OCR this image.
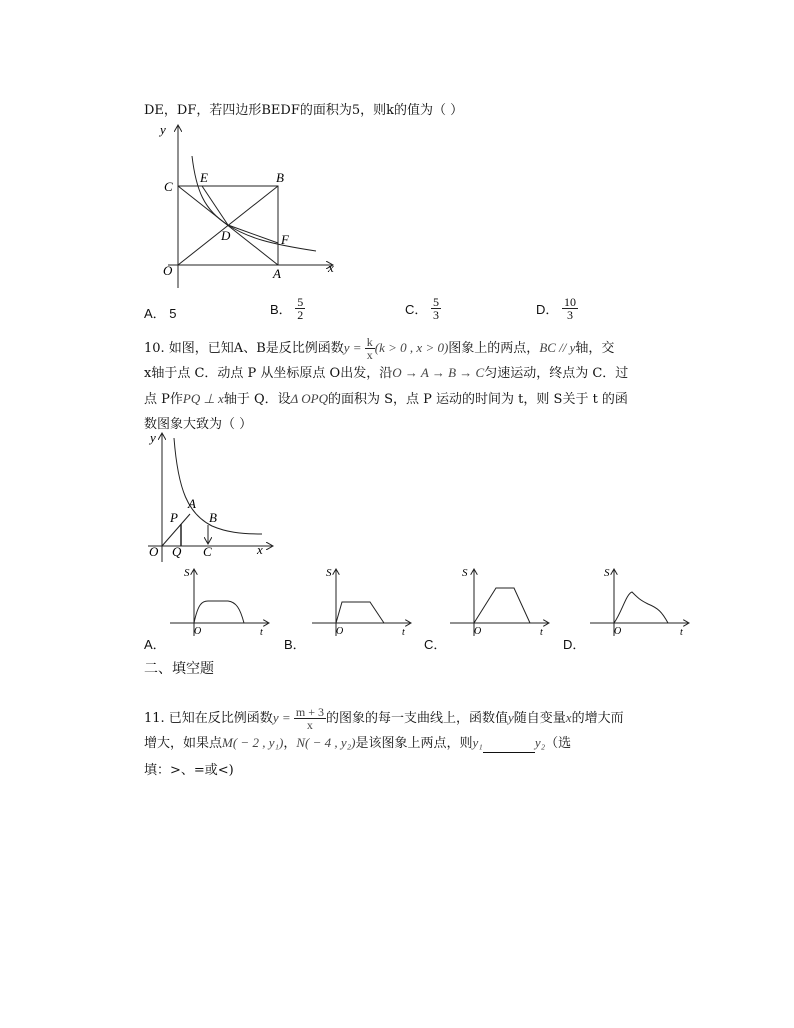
DE，DF，若四边形BEDF的面积为5，则k的值为（ ）
y
x
O
C
E	B
D	F
A
A． 5	B． $\frac{5}{2}$	C． $\frac{5}{3}$	D． $\frac{10}{3}$
10. 如图，已知A、B是反比例函数$y = \frac{k}{x} (k > 0$ , x > 0)图象上的两点，BC // y轴，交
x轴于点 C．动点 P 从坐标原点 O出发，沿O → A → B → C匀速运动，终点为 C．过
点 P作PQ ⊥ x轴于 Q．设Δ OPQ的面积为 S，点 P 运动的时间为 t，则 S关于 t 的函
数图象大致为（ ）
y
x
O
P
A
B
Q C
S
O	t
A．
S
O	t
B．
S
O	t
C．
S
O	t
D．
二、填空题
11. 已知在反比例函数$y = \frac{m + 3}{x}$ 的图象的每一支曲线上，函数值y随自变量x的增大而
增大，如果点M( − 2 , y₁)，N( − 4 , y₂)是该图象上两点，则y₁	y₂（选
填：>、=或<)
